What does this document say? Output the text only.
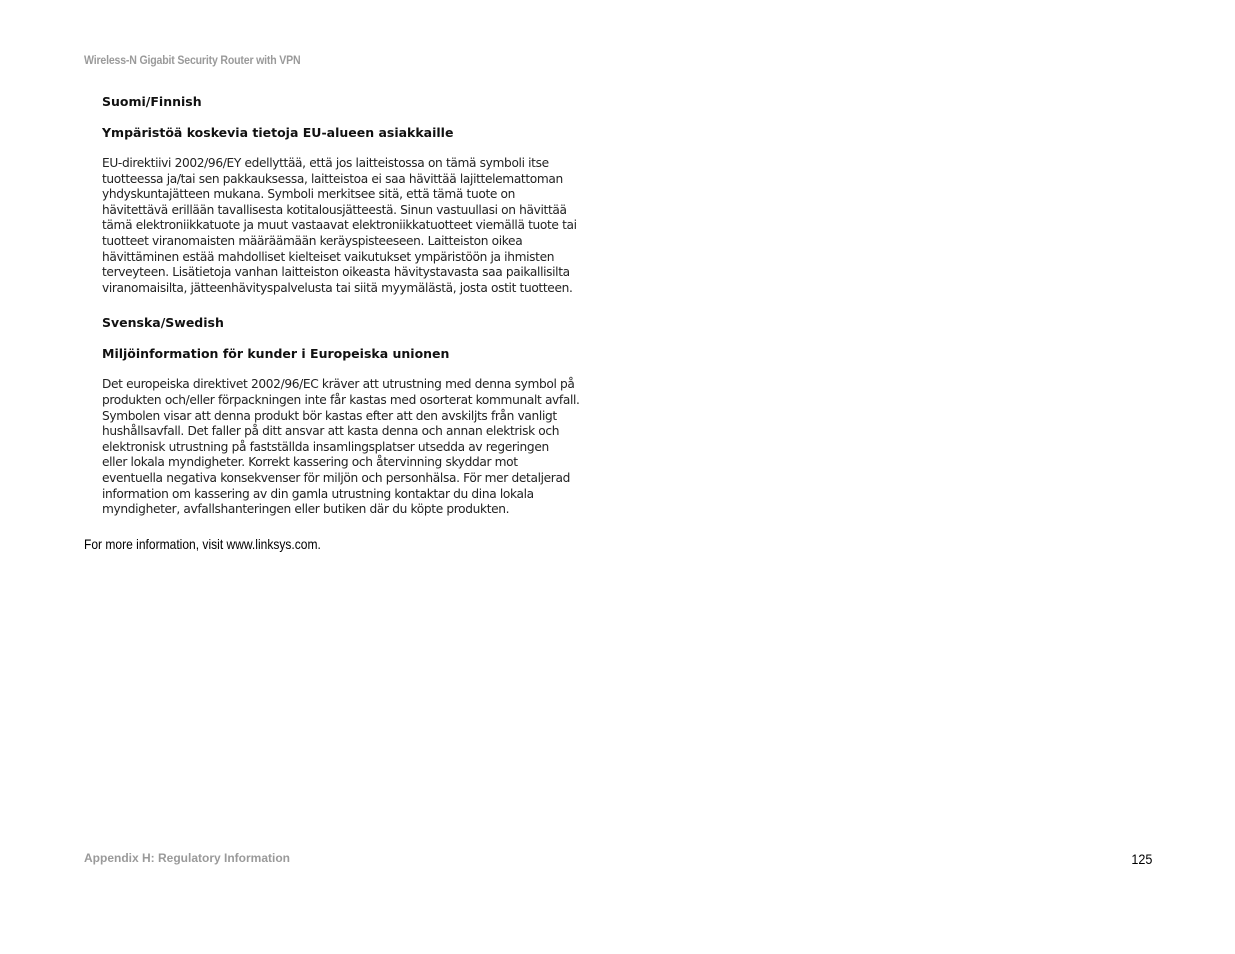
Wireless-N Gigabit Security Router with VPN

Suomi/Finnish

Ympäristöä koskevia tietoja EU-alueen asiakkaille

EU-direktiivi 2002/96/EY edellyttää, että jos laitteistossa on tämä symboli itse
tuotteessa ja/tai sen pakkauksessa, laitteistoa ei saa hävittää lajittelemattoman
yhdyskuntajätteen mukana. Symboli merkitsee sitä, että tämä tuote on
hävitettävä erillään tavallisesta kotitalousjätteestä. Sinun vastuullasi on hävittää
tämä elektroniikkatuote ja muut vastaavat elektroniikkatuotteet viemällä tuote tai
tuotteet viranomaisten määräämään keräyspisteeseen. Laitteiston oikea
hävittäminen estää mahdolliset kielteiset vaikutukset ympäristöön ja ihmisten
terveyteen. Lisätietoja vanhan laitteiston oikeasta hävitystavasta saa paikallisilta
viranomaisilta, jätteenhävityspalvelusta tai siitä myymälästä, josta ostit tuotteen.

Svenska/Swedish

Miljöinformation för kunder i Europeiska unionen

Det europeiska direktivet 2002/96/EC kräver att utrustning med denna symbol på
produkten och/eller förpackningen inte får kastas med osorterat kommunalt avfall.
Symbolen visar att denna produkt bör kastas efter att den avskiljts från vanligt
hushållsavfall. Det faller på ditt ansvar att kasta denna och annan elektrisk och
elektronisk utrustning på fastställda insamlingsplatser utsedda av regeringen
eller lokala myndigheter. Korrekt kassering och återvinning skyddar mot
eventuella negativa konsekvenser för miljön och personhälsa. För mer detaljerad
information om kassering av din gamla utrustning kontaktar du dina lokala
myndigheter, avfallshanteringen eller butiken där du köpte produkten.

For more information, visit www.linksys.com.
Appendix H: Regulatory Information	125
